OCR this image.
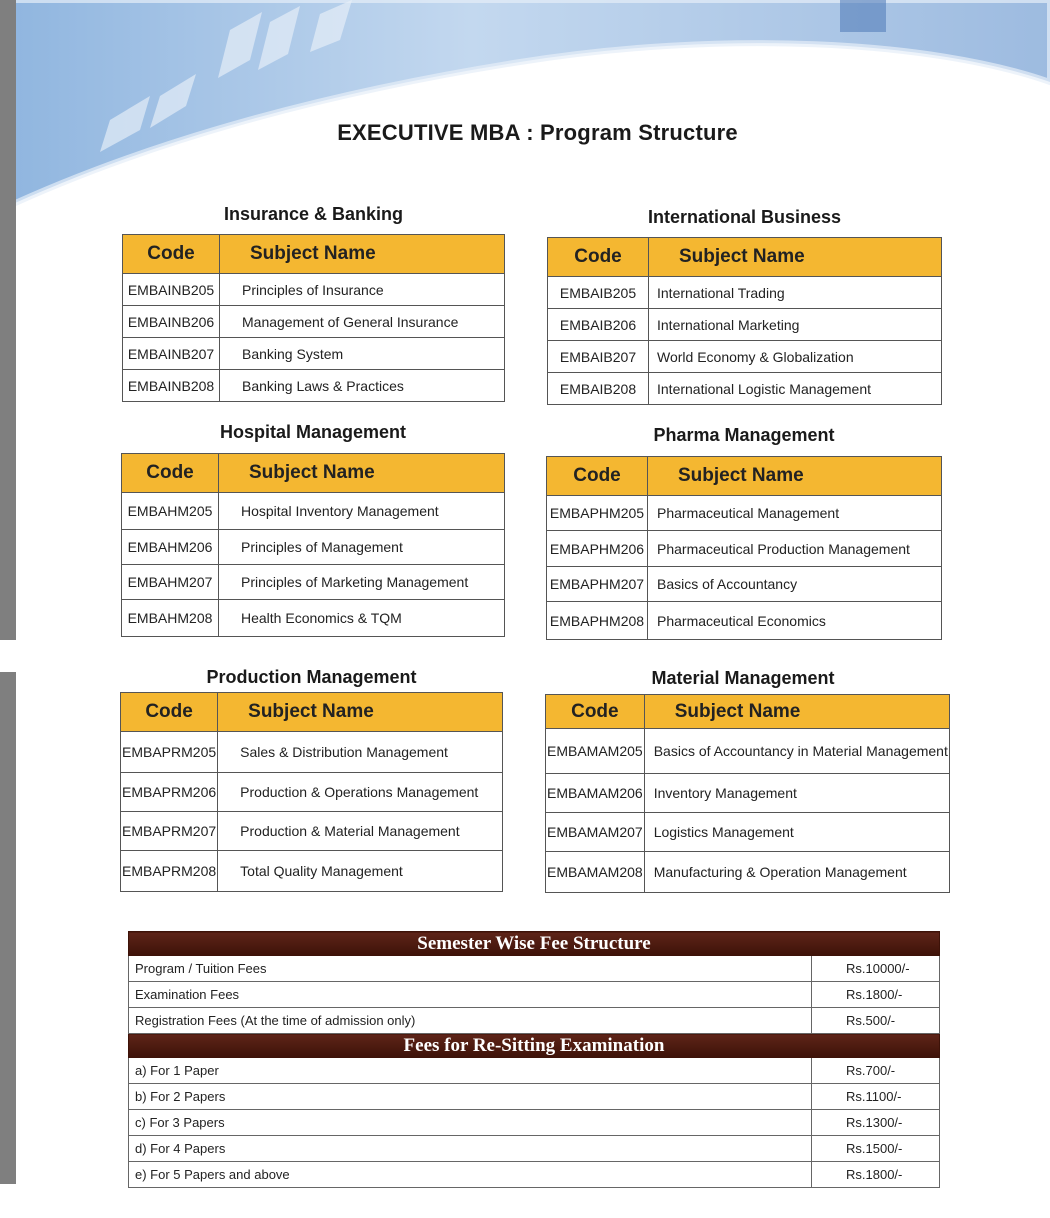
EXECUTIVE MBA : Program Structure
Insurance & Banking
Code	Subject Name
EMBAINB205	Principles of Insurance
EMBAINB206	Management of General Insurance
EMBAINB207	Banking System
EMBAINB208	Banking Laws & Practices
International Business
Code	Subject Name
EMBAIB205	International Trading
EMBAIB206	International Marketing
EMBAIB207	World Economy & Globalization
EMBAIB208	International Logistic Management
Hospital Management
Code	Subject Name
EMBAHM205	Hospital Inventory Management
EMBAHM206	Principles of Management
EMBAHM207	Principles of Marketing Management
EMBAHM208	Health Economics & TQM
Pharma Management
Code	Subject Name
EMBAPHM205	Pharmaceutical Management
EMBAPHM206	Pharmaceutical Production Management
EMBAPHM207	Basics of Accountancy
EMBAPHM208	Pharmaceutical Economics
Production Management
Code	Subject Name
EMBAPRM205	Sales & Distribution Management
EMBAPRM206	Production & Operations Management
EMBAPRM207	Production & Material Management
EMBAPRM208	Total Quality Management
Material Management
Code	Subject Name
EMBAMAM205	Basics of Accountancy in Material Management
EMBAMAM206	Inventory Management
EMBAMAM207	Logistics Management
EMBAMAM208	Manufacturing & Operation Management
Semester Wise Fee Structure	
Program / Tuition Fees	Rs.10000/-
Examination Fees	Rs.1800/-
Registration Fees (At the time of admission only)	Rs.500/-
Fees for Re-Sitting Examination	
a) For 1 Paper	Rs.700/-
b) For 2 Papers	Rs.1100/-
c) For 3 Papers	Rs.1300/-
d) For 4 Papers	Rs.1500/-
e) For 5 Papers and above	Rs.1800/-
